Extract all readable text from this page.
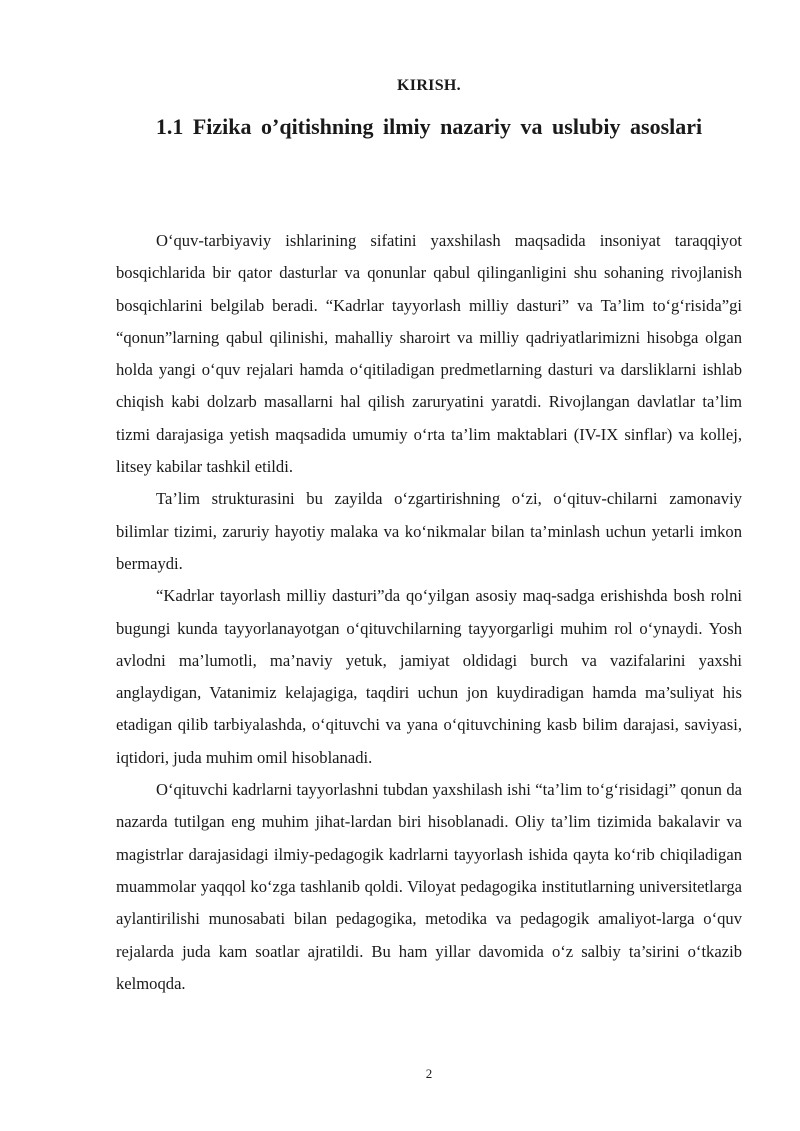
KIRISH.
1.1 Fizika o’qitishning ilmiy nazariy va uslubiy asoslari

O‘quv-tarbiyaviy ishlarining sifatini yaxshilash maqsadida insoniyat taraqqiyot bosqichlarida bir qator dasturlar va qonunlar qabul qilinganligini shu sohaning rivojlanish bosqichlarini belgilab beradi. “Kadrlar tayyorlash milliy dasturi” va Ta’lim to‘g‘risida”gi “qonun”larning qabul qilinishi, mahalliy sharoirt va milliy qadriyatlarimizni hisobga olgan holda yangi o‘quv rejalari hamda o‘qitiladigan predmetlarning dasturi va darsliklarni ishlab chiqish kabi dolzarb masallarni hal qilish zaruryatini yaratdi. Rivojlangan davlatlar ta’lim tizmi darajasiga yetish maqsadida umumiy o‘rta ta’lim maktablari (IV-IX sinflar) va kollej, litsey kabilar tashkil etildi.

Ta’lim strukturasini bu zayilda o‘zgartirishning o‘zi, o‘qituv-chilarni zamonaviy bilimlar tizimi, zaruriy hayotiy malaka va ko‘nikmalar bilan ta’minlash uchun yetarli imkon bermaydi.

“Kadrlar tayorlash milliy dasturi”da qo‘yilgan asosiy maq-sadga erishishda bosh rolni bugungi kunda tayyorlanayotgan o‘qituvchilarning tayyorgarligi muhim rol o‘ynaydi. Yosh avlodni ma’lumotli, ma’naviy yetuk, jamiyat oldidagi burch va vazifalarini yaxshi anglaydigan, Vatanimiz kelajagiga, taqdiri uchun jon kuydiradigan hamda ma’suliyat his etadigan qilib tarbiyalashda, o‘qituvchi va yana o‘qituvchining kasb bilim darajasi, saviyasi, iqtidori, juda muhim omil hisoblanadi.

O‘qituvchi kadrlarni tayyorlashni tubdan yaxshilash ishi “ta’lim to‘g‘risidagi” qonun da nazarda tutilgan eng muhim jihat-lardan biri hisoblanadi. Oliy ta’lim tizimida bakalavir va magistrlar darajasidagi ilmiy-pedagogik kadrlarni tayyorlash ishida qayta ko‘rib chiqiladigan muammolar yaqqol ko‘zga tashlanib qoldi. Viloyat pedagogika institutlarning universitetlarga aylantirilishi munosabati bilan pedagogika, metodika va pedagogik amaliyot-larga o‘quv rejalarda juda kam soatlar ajratildi. Bu ham yillar davomida o‘z salbiy ta’sirini o‘tkazib kelmoqda.

2
